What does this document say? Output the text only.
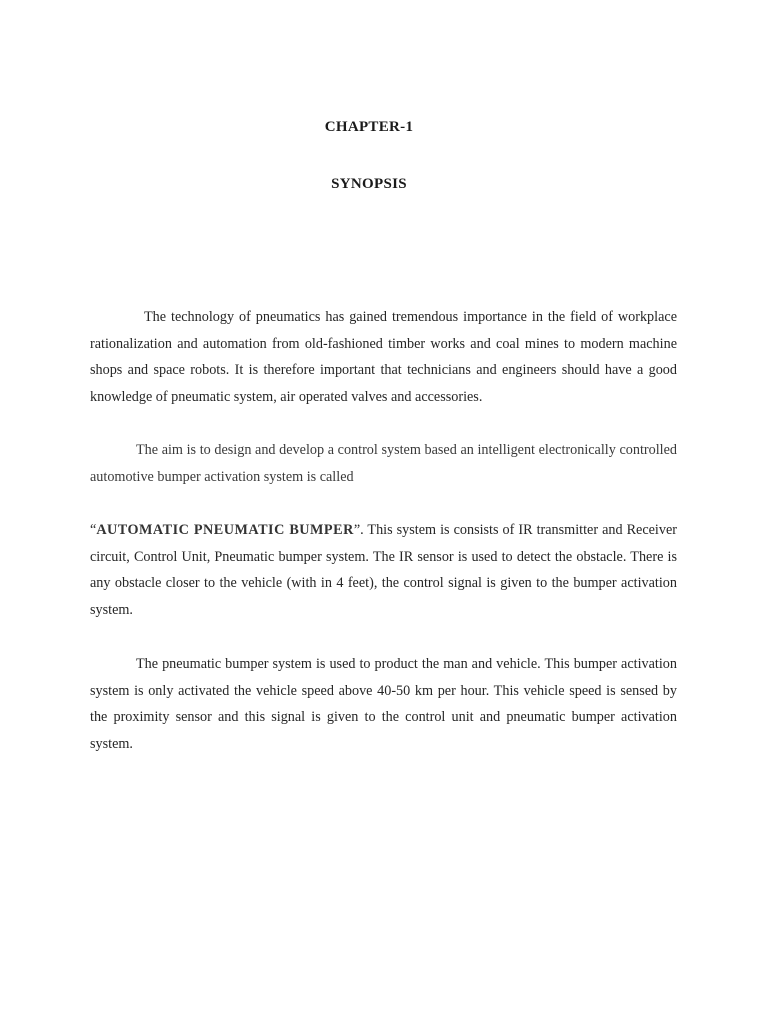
CHAPTER-1
SYNOPSIS

The technology of pneumatics has gained tremendous importance in the field of workplace rationalization and automation from old-fashioned timber works and coal mines to modern machine shops and space robots. It is therefore important that technicians and engineers should have a good knowledge of pneumatic system, air operated valves and accessories.

The aim is to design and develop a control system based an intelligent electronically controlled automotive bumper activation system is called

“AUTOMATIC PNEUMATIC BUMPER”. This system is consists of IR transmitter and Receiver circuit, Control Unit, Pneumatic bumper system. The IR sensor is used to detect the obstacle. There is any obstacle closer to the vehicle (with in 4 feet), the control signal is given to the bumper activation system.

The pneumatic bumper system is used to product the man and vehicle. This bumper activation system is only activated the vehicle speed above 40-50 km per hour. This vehicle speed is sensed by the proximity sensor and this signal is given to the control unit and pneumatic bumper activation system.
